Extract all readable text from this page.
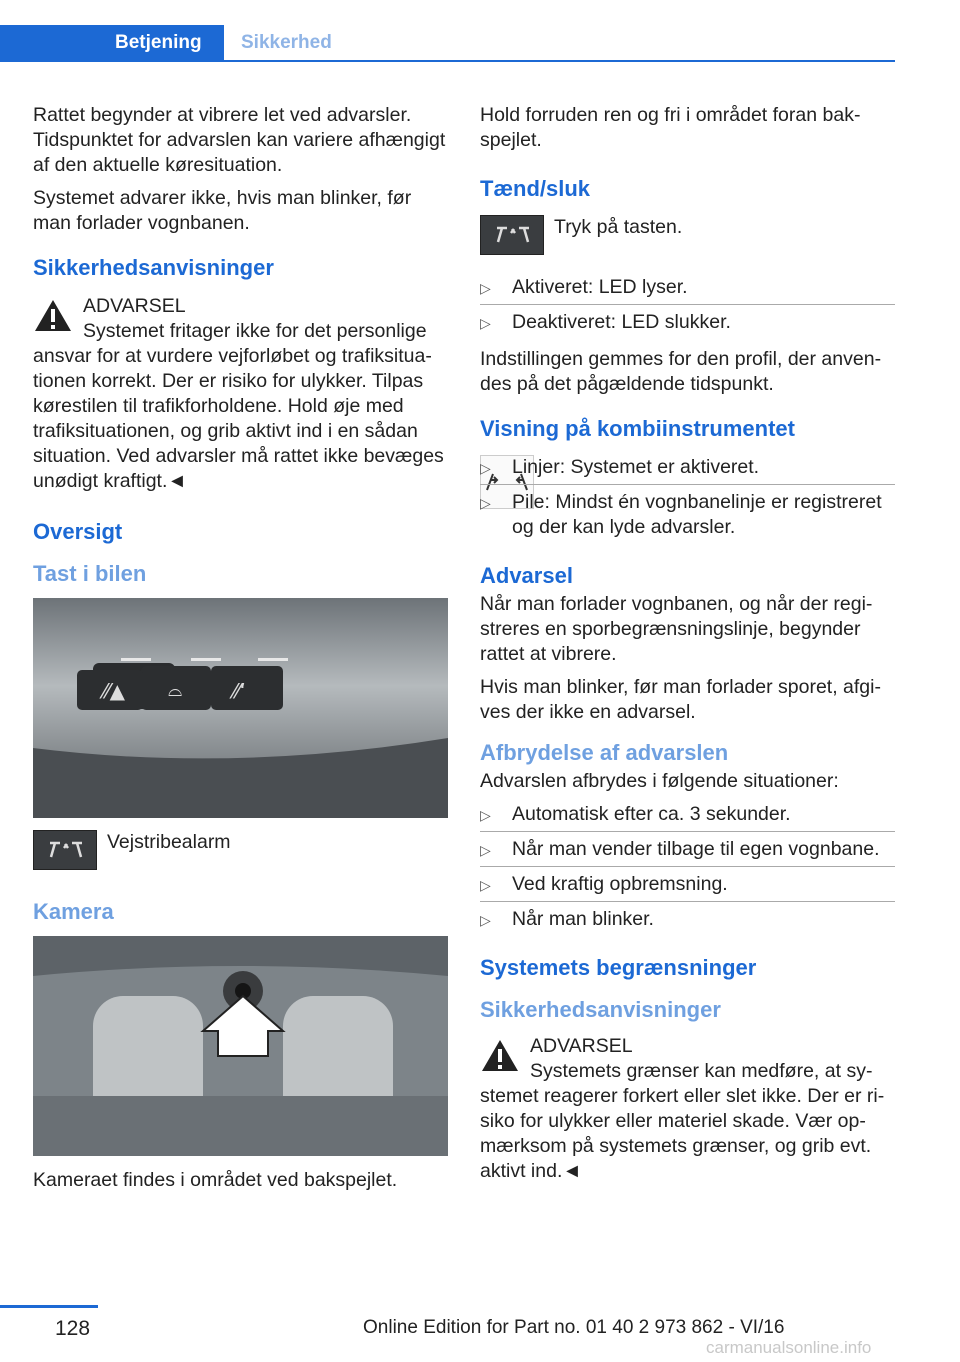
Betjening	Sikkerhed

Rattet begynder at vibrere let ved advarsler. Tidspunktet for advarslen kan variere afhængigt af den aktuelle køresituation.

Systemet advarer ikke, hvis man blinker, før man forlader vognbanen.

Sikkerhedsanvisninger
ADVARSEL

Systemet fritager ikke for det personlige ansvar for at vurdere vejforløbet og trafiksituationen korrekt. Der er risiko for ulykker. Tilpas kørestilen til trafikforholdene. Hold øje med trafiksituationen, og grib aktivt ind i en sådan situation. Ved advarsler må rattet ikke bevæges unødigt kraftigt.◄

Oversigt
Tast i bilen
⁄⁄▲ ⌓	⁄⁄‘
Vejstribealarm
Kamera

Kameraet findes i området ved bakspejlet.

Hold forruden ren og fri i området foran bakspejlet.

Tænd/sluk
Tryk på tasten.
▷ Aktiveret: LED lyser.
▷ Deaktiveret: LED slukker.

Indstillingen gemmes for den profil, der anvendes på det pågældende tidspunkt.

Visning på kombiinstrumentet
▷ Linjer: Systemet er aktiveret.
▷ Pile: Mindst én vognbanelinje er registreret og der kan lyde advarsler.
Advarsel

Når man forlader vognbanen, og når der registreres en sporbegrænsningslinje, begynder rattet at vibrere.

Hvis man blinker, før man forlader sporet, afgives der ikke en advarsel.

Afbrydelse af advarslen

Advarslen afbrydes i følgende situationer:

▷ Automatisk efter ca. 3 sekunder.
▷ Når man vender tilbage til egen vognbane.
▷ Ved kraftig opbremsning.
▷ Når man blinker.
Systemets begrænsninger
Sikkerhedsanvisninger
ADVARSEL

Systemets grænser kan medføre, at systemet reagerer forkert eller slet ikke. Der er risiko for ulykker eller materiel skade. Vær opmærksom på systemets grænser, og grib evt. aktivt ind.◄

128	Online Edition for Part no. 01 40 2 973 862 - VI/16
carmanualsonline.info
